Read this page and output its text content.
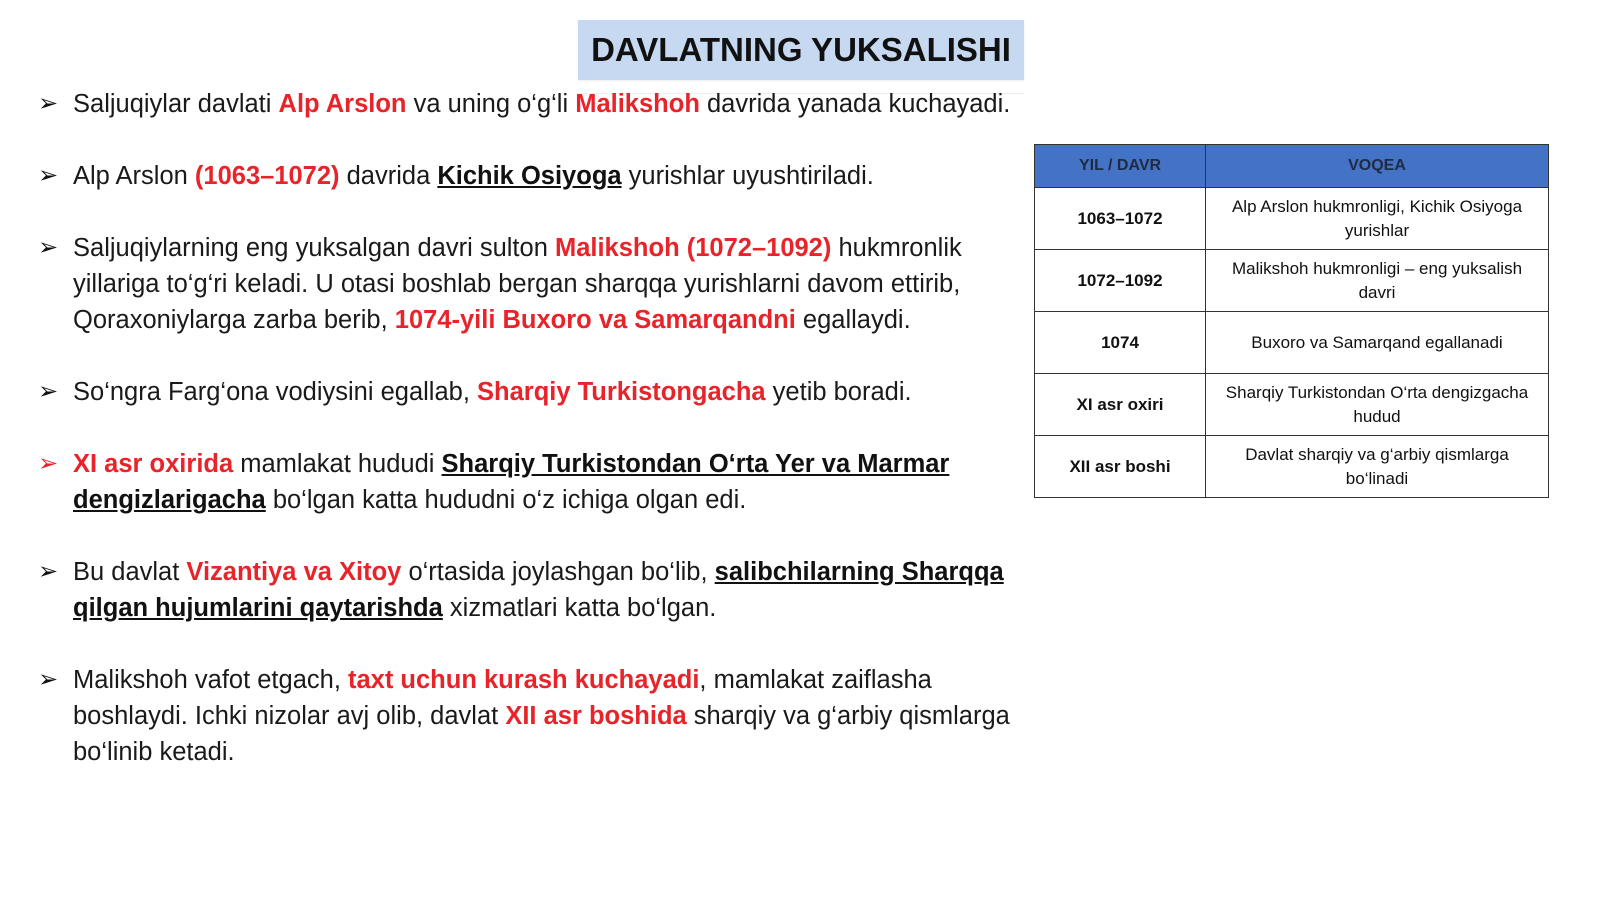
DAVLATNING YUKSALISHI
➢ Saljuqiylar davlati Alp Arslon va uning o‘g‘li Malikshoh davrida yanada kuchayadi.
➢ Alp Arslon (1063–1072) davrida Kichik Osiyoga yurishlar uyushtiriladi.
➢ Saljuqiylarning eng yuksalgan davri sulton Malikshoh (1072–1092) hukmronlik yillariga to‘g‘ri keladi. U otasi boshlab bergan sharqqa yurishlarni davom ettirib, Qoraxoniylarga zarba berib, 1074-yili Buxoro va Samarqandni egallaydi.
➢ So‘ngra Farg‘ona vodiysini egallab, Sharqiy Turkistongacha yetib boradi.
➢ XI asr oxirida mamlakat hududi Sharqiy Turkistondan O‘rta Yer va Marmar dengizlarigacha bo‘lgan katta hududni o‘z ichiga olgan edi.
➢ Bu davlat Vizantiya va Xitoy o‘rtasida joylashgan bo‘lib, salibchilarning Sharqqa qilgan hujumlarini qaytarishda xizmatlari katta bo‘lgan.
➢ Malikshoh vafot etgach, taxt uchun kurash kuchayadi, mamlakat zaiflasha boshlaydi. Ichki nizolar avj olib, davlat XII asr boshida sharqiy va g‘arbiy qismlarga bo‘linib ketadi.
YIL / DAVR	VOQEA
1063–1072	Alp Arslon hukmronligi, Kichik Osiyoga yurishlar
1072–1092	Malikshoh hukmronligi – eng yuksalish davri
1074	Buxoro va Samarqand egallanadi
XI asr oxiri	Sharqiy Turkistondan O‘rta dengizgacha hudud
XII asr boshi	Davlat sharqiy va g‘arbiy qismlarga bo‘linadi
